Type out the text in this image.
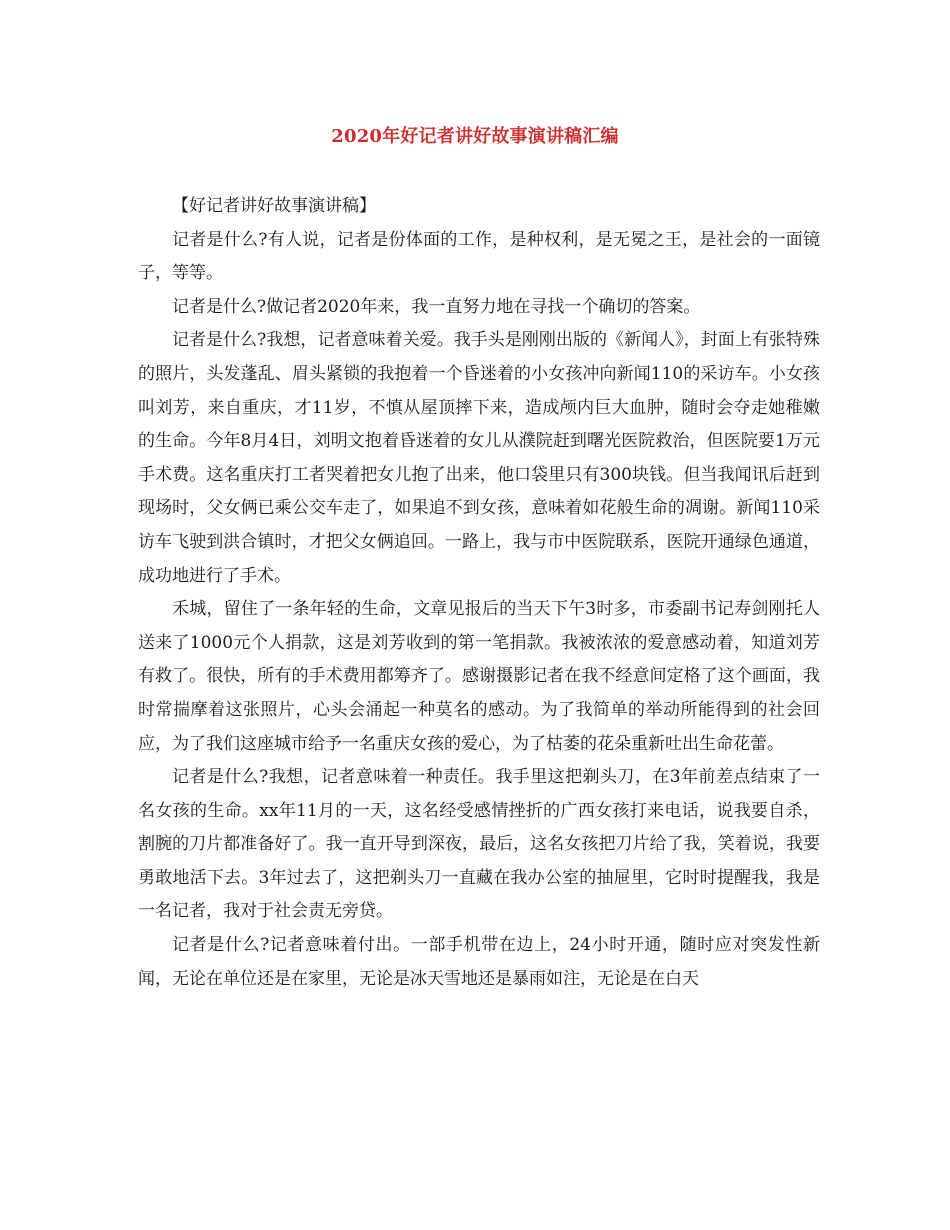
2020年好记者讲好故事演讲稿汇编

【好记者讲好故事演讲稿】

记者是什么?有人说，记者是份体面的工作，是种权利，是无冕之王，是社会的一面镜子，等等。

记者是什么?做记者2020年来，我一直努力地在寻找一个确切的答案。

记者是什么?我想，记者意味着关爱。我手头是刚刚出版的《新闻人》，封面上有张特殊的照片，头发蓬乱、眉头紧锁的我抱着一个昏迷着的小女孩冲向新闻110的采访车。小女孩叫刘芳，来自重庆，才11岁，不慎从屋顶摔下来，造成颅内巨大血肿，随时会夺走她稚嫩的生命。今年8月4日，刘明文抱着昏迷着的女儿从濮院赶到曙光医院救治，但医院要1万元手术费。这名重庆打工者哭着把女儿抱了出来，他口袋里只有300块钱。但当我闻讯后赶到现场时，父女俩已乘公交车走了，如果追不到女孩，意味着如花般生命的凋谢。新闻110采访车飞驶到洪合镇时，才把父女俩追回。一路上，我与市中医院联系，医院开通绿色通道，成功地进行了手术。

禾城，留住了一条年轻的生命，文章见报后的当天下午3时多，市委副书记寿剑刚托人送来了1000元个人捐款，这是刘芳收到的第一笔捐款。我被浓浓的爱意感动着，知道刘芳有救了。很快，所有的手术费用都筹齐了。感谢摄影记者在我不经意间定格了这个画面，我时常揣摩着这张照片，心头会涌起一种莫名的感动。为了我简单的举动所能得到的社会回应，为了我们这座城市给予一名重庆女孩的爱心，为了枯萎的花朵重新吐出生命花蕾。

记者是什么?我想，记者意味着一种责任。我手里这把剃头刀，在3年前差点结束了一名女孩的生命。xx年11月的一天，这名经受感情挫折的广西女孩打来电话，说我要自杀，割腕的刀片都准备好了。我一直开导到深夜，最后，这名女孩把刀片给了我，笑着说，我要勇敢地活下去。3年过去了，这把剃头刀一直藏在我办公室的抽屉里，它时时提醒我，我是一名记者，我对于社会责无旁贷。

记者是什么?记者意味着付出。一部手机带在边上，24小时开通，随时应对突发性新闻，无论在单位还是在家里，无论是冰天雪地还是暴雨如注，无论是在白天
